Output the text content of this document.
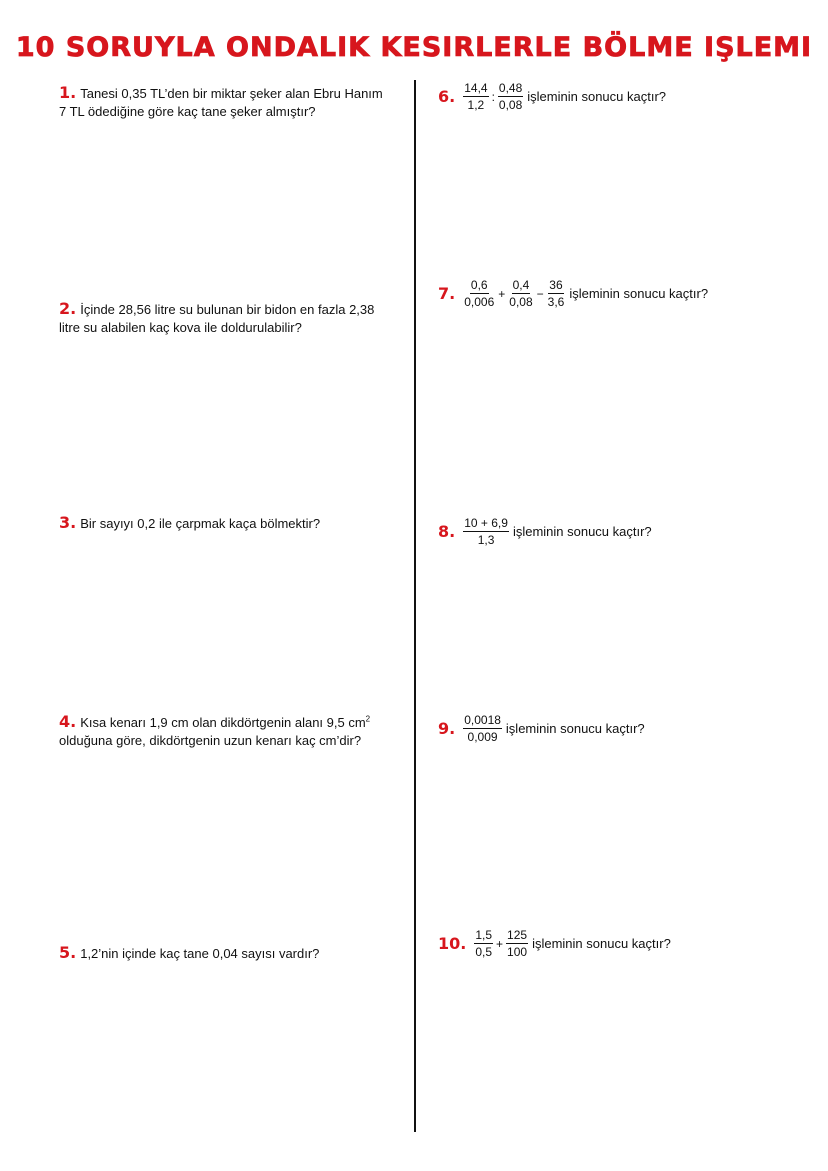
10 SORUYLA ONDALIK KESIRLERLE BÖLME IŞLEMI
1. Tanesi 0,35 TL’den bir miktar şeker alan Ebru Hanım 7 TL ödediğine göre kaç tane şeker almıştır?
2. İçinde 28,56 litre su bulunan bir bidon en fazla 2,38 litre su alabilen kaç kova ile doldurulabilir?
3. Bir sayıyı 0,2 ile çarpmak kaça bölmektir?
4. Kısa kenarı 1,9 cm olan dikdörtgenin alanı 9,5 $cm^2$ olduğuna göre, dikdörtgenin uzun kenarı kaç cm’dir?
5. 1,2’nin içinde kaç tane 0,04 sayısı vardır?
6. $\frac{14,4}{1,2}$ : $\frac{0,48}{0,08}$ işleminin sonucu kaçtır?
7. $\frac{0,6}{0,006} + \frac{0,4}{0,08} - \frac{36}{3,6}$ işleminin sonucu kaçtır?
8. $\frac{10 + 6,9}{1,3}$ işleminin sonucu kaçtır?
9. $\frac{0,0018}{0,009}$ işleminin sonucu kaçtır?
10. $\frac{1,5}{0,5} + \frac{125}{100}$ işleminin sonucu kaçtır?
